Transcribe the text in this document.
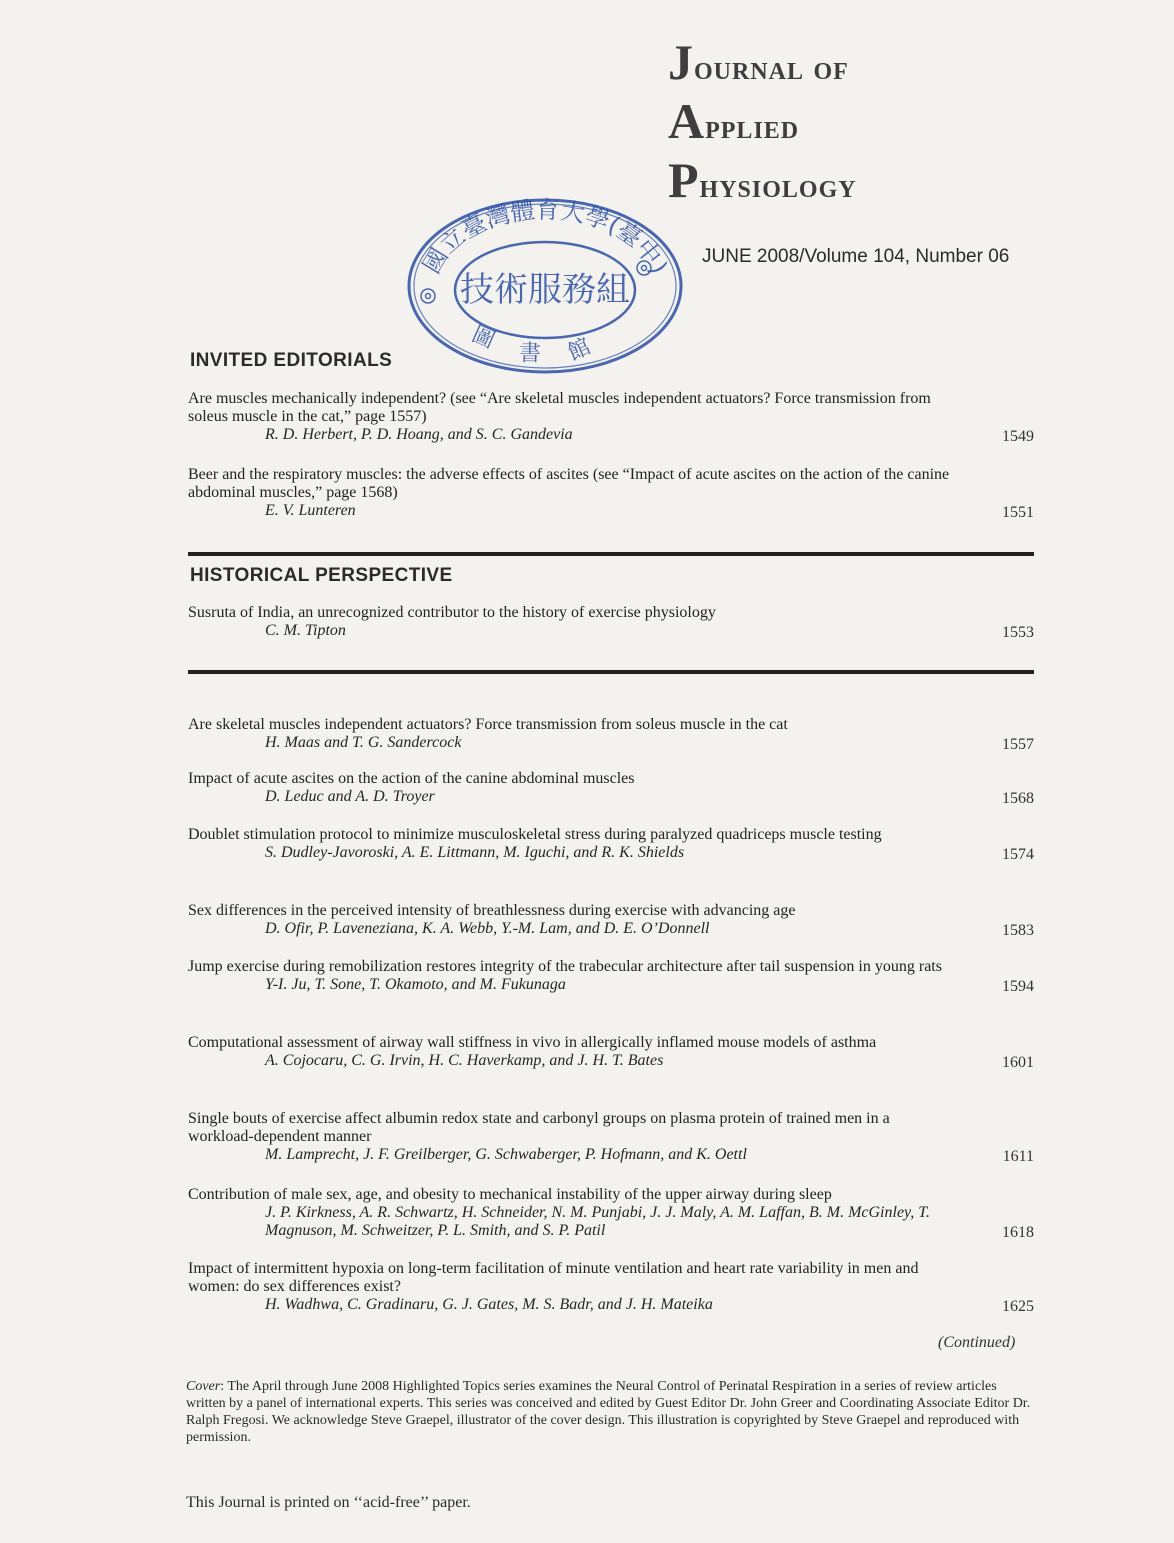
Journal of
Applied
Physiology
JUNE 2008/Volume 104, Number 06
國立臺灣體育大學(臺中)
技術服務組
圖書館
INVITED EDITORIALS
Are muscles mechanically independent? (see “Are skeletal muscles independent actuators? Force transmission from soleus muscle in the cat,” page 1557)
R. D. Herbert, P. D. Hoang, and S. C. Gandevia	1549
Beer and the respiratory muscles: the adverse effects of ascites (see “Impact of acute ascites on the action of the canine abdominal muscles,” page 1568)
E. V. Lunteren	1551
HISTORICAL PERSPECTIVE
Susruta of India, an unrecognized contributor to the history of exercise physiology
C. M. Tipton	1553
Are skeletal muscles independent actuators? Force transmission from soleus muscle in the cat
H. Maas and T. G. Sandercock	1557
Impact of acute ascites on the action of the canine abdominal muscles
D. Leduc and A. D. Troyer	1568
Doublet stimulation protocol to minimize musculoskeletal stress during paralyzed quadriceps muscle testing
S. Dudley-Javoroski, A. E. Littmann, M. Iguchi, and R. K. Shields	1574
Sex differences in the perceived intensity of breathlessness during exercise with advancing age
D. Ofir, P. Laveneziana, K. A. Webb, Y.-M. Lam, and D. E. O’Donnell	1583
Jump exercise during remobilization restores integrity of the trabecular architecture after tail suspension in young rats
Y-I. Ju, T. Sone, T. Okamoto, and M. Fukunaga	1594
Computational assessment of airway wall stiffness in vivo in allergically inflamed mouse models of asthma
A. Cojocaru, C. G. Irvin, H. C. Haverkamp, and J. H. T. Bates	1601
Single bouts of exercise affect albumin redox state and carbonyl groups on plasma protein of trained men in a workload-dependent manner
M. Lamprecht, J. F. Greilberger, G. Schwaberger, P. Hofmann, and K. Oettl	1611
Contribution of male sex, age, and obesity to mechanical instability of the upper airway during sleep
J. P. Kirkness, A. R. Schwartz, H. Schneider, N. M. Punjabi, J. J. Maly, A. M. Laffan, B. M. McGinley, T. Magnuson, M. Schweitzer, P. L. Smith, and S. P. Patil	1618
Impact of intermittent hypoxia on long-term facilitation of minute ventilation and heart rate variability in men and women: do sex differences exist?
H. Wadhwa, C. Gradinaru, G. J. Gates, M. S. Badr, and J. H. Mateika	1625
(Continued)
Cover: The April through June 2008 Highlighted Topics series examines the Neural Control of Perinatal Respiration in a series of review articles written by a panel of international experts. This series was conceived and edited by Guest Editor Dr. John Greer and Coordinating Associate Editor Dr. Ralph Fregosi. We acknowledge Steve Graepel, illustrator of the cover design. This illustration is copyrighted by Steve Graepel and reproduced with permission.
This Journal is printed on ‘‘acid-free’’ paper.
